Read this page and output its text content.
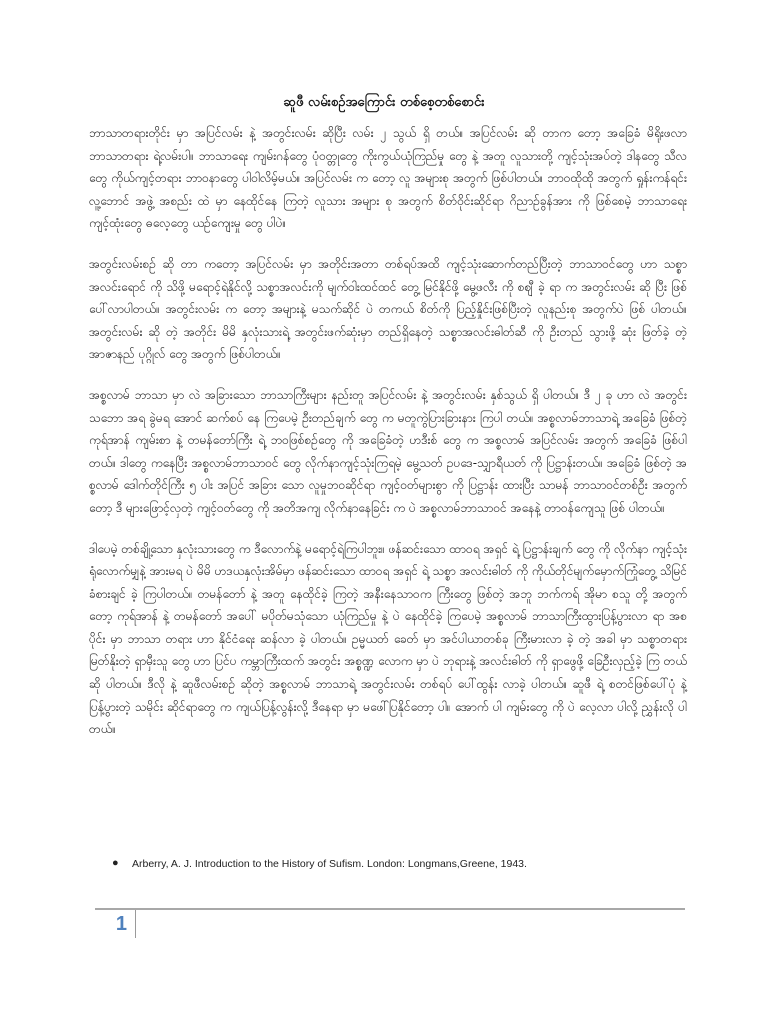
ဆူဖီ လမ်းစဉ်အကြောင်း တစ်စေ့တစ်စောင်း

ဘာသာတရားတိုင်း မှာ အပြင်လမ်း နဲ့ အတွင်းလမ်း ဆိုပြီး လမ်း ၂ သွယ် ရှိ တယ်။ အပြင်လမ်း ဆို တာက တော့ အခြေခံ မိရိုးဖလာ ဘာသာတရား ရဲ့လမ်းပါ။ ဘာသာရေး ကျမ်းဂန်တွေ ပုံဝတ္တုတွေ ကိုးကွယ်ယုံကြည်မှု တွေ နဲ့ အတူ လူသားတို့ ကျင့်သုံးအပ်တဲ့ ဒါနတွေ သီလတွေ ကိုယ်ကျင့်တရား ဘာဝနာတွေ ပါဝါလိမ့်မယ်။ အပြင်လမ်း က တော့ လူ အများစု အတွက် ဖြစ်ပါတယ်။ ဘာဝထိုထို အတွက် ရှုန်းကန်ရင်း လူ့ဘောင် အဖွဲ့ အစည်း ထဲ မှာ နေထိုင်နေ ကြတဲ့ လူသား အများ စု အတွက် စိတ်ဝိုင်းဆိုင်ရာ ဂိညာဉ်ခွန်အား ကို ဖြစ်စေမဲ့ ဘာသာရေး ကျင့်ထုံးတွေ ဓလေ့တွေ ယဉ်ကျေးမှု တွေ ပါပဲ။

အတွင်းလမ်းစဉ် ဆို တာ ကတော့ အပြင်လမ်း မှာ အတိုင်းအတာ တစ်ရပ်အထိ ကျင့်သုံးဆောက်တည်ပြီးတဲ့ ဘာသာဝင်တွေ ဟာ သစ္စာအလင်းရောင် ကို သိဖို့ မရောင့်ရဲနိုင်လို့ သစ္စာအလင်းကို မျက်ဝါးထင်ထင် တွေ့ မြင်နိုင်ဖို့ မွေ့ဖလီး ကို စဈီ ခဲ့ ရာ က အတွင်းလမ်း ဆို ပြီး ဖြစ်ပေါ်လာပါတယ်။ အတွင်းလမ်း က တော့ အများနဲ့ မသက်ဆိုင် ပဲ တကယ် စိတ်ကို ပြည့်နှိုင်းဖြစ်ပြီးတဲ့ လူနည်းစု အတွက်ပဲ ဖြစ် ပါတယ်။ အတွင်းလမ်း ဆို တဲ့ အတိုင်း မိမိ နှလုံးသားရဲ့ အတွင်းဖက်ဆုံးမှာ တည်ရှိနေတဲ့ သစ္စာအလင်းဓါတ်ဆီ ကို ဦးတည် သွားဖို့ ဆုံး ဖြတ်ခဲ့ တဲ့ အာဇာနည် ပုဂ္ဂိုလ် တွေ အတွက် ဖြစ်ပါတယ်။

အစ္စလာမ် ဘာသာ မှာ လဲ အခြားသော ဘာသာကြီးများ နည်းတူ အပြင်လမ်း နဲ့ အတွင်းလမ်း နှစ်သွယ် ရှိ ပါတယ်။ ဒီ ၂ ခု ဟာ လဲ အတွင်းသဘော အရ ခွဲမရ အောင် ဆက်စပ် နေ ကြပေမဲ့ ဦးတည်ချက် တွေ က မတူကွဲပြားခြားနား ကြပါ တယ်။ အစ္စလာမ်ဘာသာရဲ့ အခြေခံ ဖြစ်တဲ့ ကုရ်အာန် ကျမ်းစာ နဲ့ တမန်တော်ကြီး ရဲ့ ဘဝဖြစ်စဉ်တွေ ကို အခြေခံတဲ့ ဟဒီးစ် တွေ က အစ္စလာမ် အပြင်လမ်း အတွက် အခြေခံ ဖြစ်ပါတယ်။ ဒါတွေ ကနေပြီး အစ္စလာမ်ဘာသာဝင် တွေ လိုက်နာကျင့်သုံးကြရမဲ့ မွေ့သတ် ဥပဒေ-သျှာရီယတ် ကို ပြဋ္ဌာန်းတယ်။ အခြေခံ ဖြစ်တဲ့ အစ္စလာမ် ဒေါက်တိုင်ကြီး ၅ ပါး အပြင် အခြား သော လူမှုဘဝဆိုင်ရာ ကျင့်ဝတ်များစွာ ကို ပြဋ္ဌာန်း ထားပြီး သာမန် ဘာသာဝင်တစ်ဦး အတွက် တော့ ဒီ များဖြောင့်လှတဲ့ ကျင့်ဝတ်တွေ ကို အတိအကျ လိုက်နာနေခြင်း က ပဲ အစ္စလာမ်ဘာသာဝင် အနေနဲ့ တာဝန်ကျေသူ ဖြစ် ပါတယ်။

ဒါပေမဲ့ တစ်ချို့သော နှလုံးသားတွေ က ဒီလောက်နဲ့ မရောင့်ရဲကြပါဘူး။ ဖန်ဆင်းသော ထာဝရ အရှင် ရဲ့ ပြဋ္ဌာန်းချက် တွေ ကို လိုက်နာ ကျင့်သုံးရုံလောက်မျှနဲ့ အားမရ ပဲ မိမိ ဟဒယနှလုံးအိမ်မှာ ဖန်ဆင်းသော ထာဝရ အရှင် ရဲ့ သစ္စာ အလင်းဓါတ် ကို ကိုယ်တိုင်မျက်မှောက်ကြုံတွေ့ သိမြင် ခံစားချင် ခဲ့ ကြပါတယ်။ တမန်တော် နဲ့ အတူ နေထိုင်ခဲ့ ကြတဲ့ အနီးနေသာဝက ကြီးတွေ ဖြစ်တဲ့ အဘူ ဘက်ကရ် အိုမာ စသူ တို့ အတွက် တော့ ကုရ်အာန် နဲ့ တမန်တော် အပေါ် မပိုတ်မသုံသော ယုံကြည်မှု နဲ့ ပဲ နေထိုင်ခဲ့ ကြပေမဲ့ အစ္စလာမ် ဘာသာကြီးထွားပြန့်ပွားလာ ရာ အစပိုင်း မှာ ဘာသာ တရား ဟာ နိုင်ငံရေး ဆန်လာ ခဲ့ ပါတယ်။ ဥမ္မယတ် ခေတ် မှာ အင်ပါယာတစ်ခု ကြီးမားလာ ခဲ့ တဲ့ အခါ မှာ သစ္စာတရား မြတ်နိုးတဲ့ ရှာမှီးသူ တွေ ဟာ ပြင်ပ ကမ္ဘာကြီးထက် အတွင်း အစ္စဏ္ဍ လောက မှာ ပဲ ဘုရားနဲ့ အလင်းဓါတ် ကို ရှာဖွေဖို့ ခြေဦးလှည့်ခဲ့ ကြ တယ် ဆို ပါတယ်။ ဒီလို နဲ့ ဆူဖီလမ်းစဉ် ဆိုတဲ့ အစ္စလာမ် ဘာသာရဲ့ အတွင်းလမ်း တစ်ရပ် ပေါ်ထွန်း လာခဲ့ ပါတယ်။ ဆူဖီ ရဲ့ စတင်ဖြစ်ပေါ်ပုံ နဲ့ ပြန့်ပွားတဲ့ သမိုင်း ဆိုင်ရာတွေ က ကျယ်ပြန့်လွန်းလို့ ဒီနေရာ မှာ မဖေါ်ပြနိုင်တော့ ပါ။ အောက် ပါ ကျမ်းတွေ ကို ပဲ လေ့လာ ပါလို့ ညွှန်းလို ပါတယ်။

● Arberry, A. J. Introduction to the History of Sufism. London: Longmans,Greene, 1943.
1
